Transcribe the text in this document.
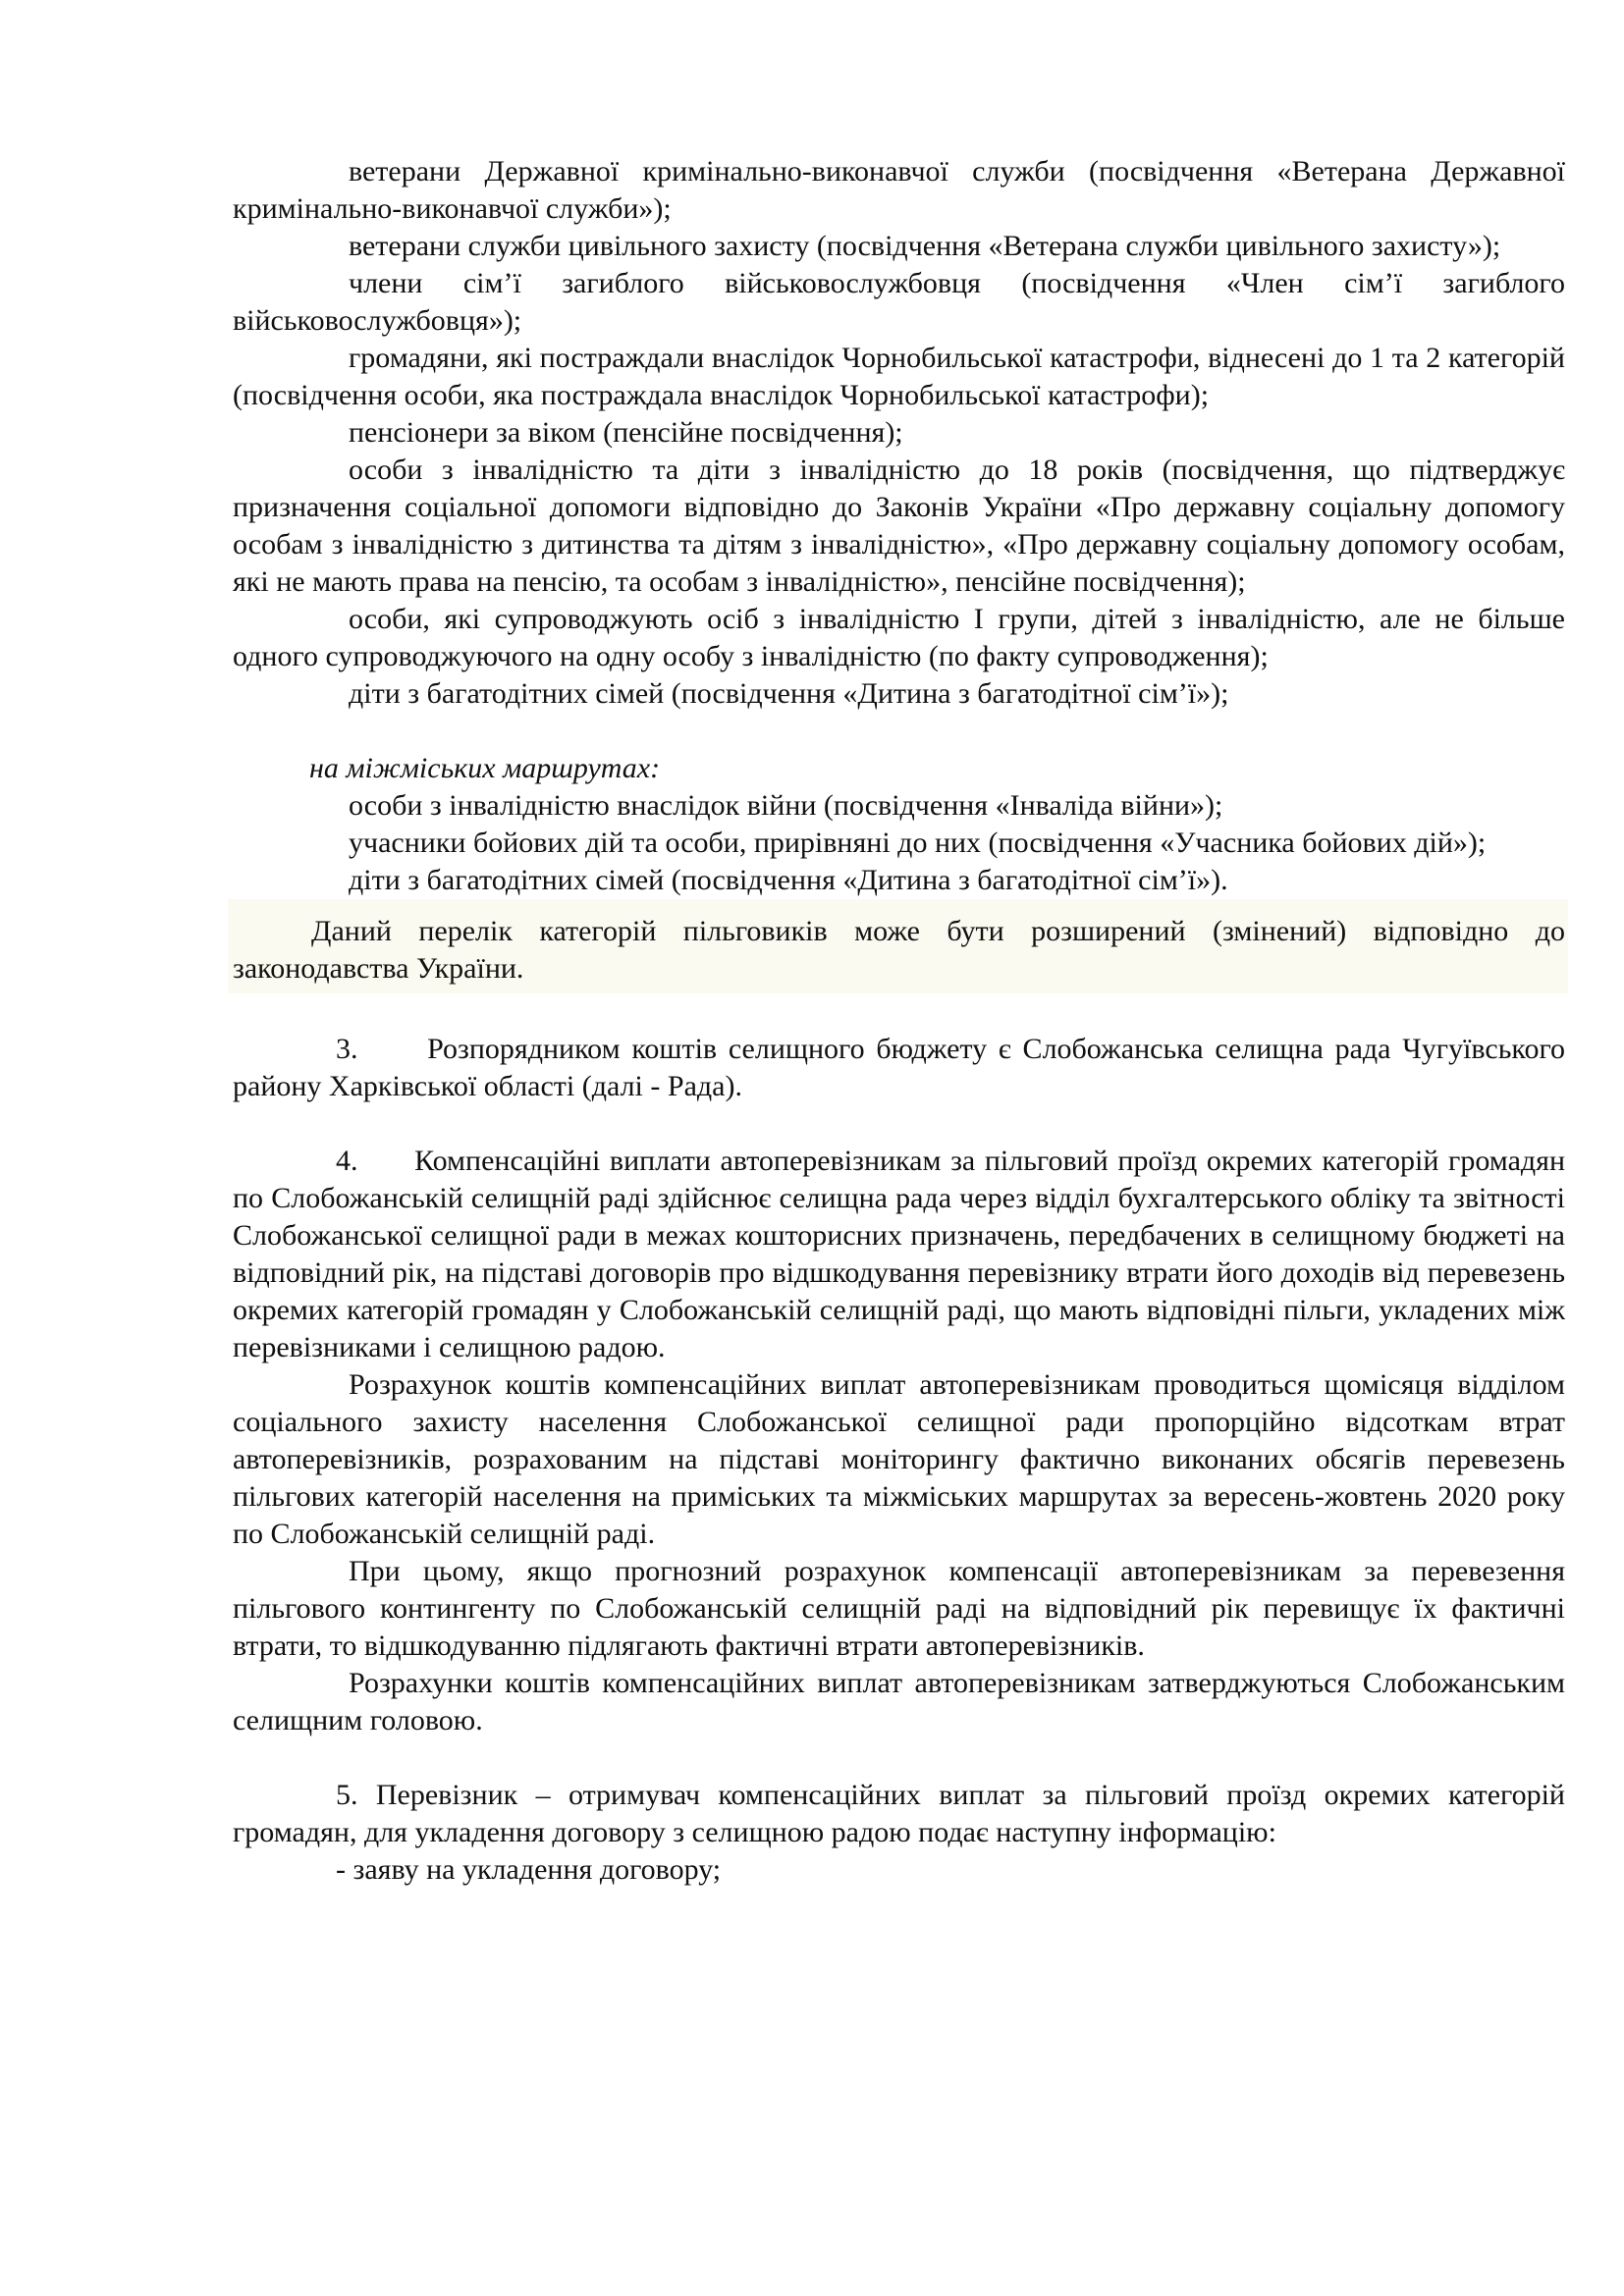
ветерани Державної кримінально-виконавчої служби (посвідчення «Ветерана Державної кримінально-виконавчої служби»);

ветерани служби цивільного захисту (посвідчення «Ветерана служби цивільного захисту»);

члени сім’ї загиблого військовослужбовця (посвідчення «Член сім’ї загиблого військовослужбовця»);

громадяни, які постраждали внаслідок Чорнобильської катастрофи, віднесені до 1 та 2 категорій (посвідчення особи, яка постраждала внаслідок Чорнобильської катастрофи);

пенсіонери за віком (пенсійне посвідчення);

особи з інвалідністю та діти з інвалідністю до 18 років (посвідчення, що підтверджує призначення соціальної допомоги відповідно до Законів України «Про державну соціальну допомогу особам з інвалідністю з дитинства та дітям з інвалідністю», «Про державну соціальну допомогу особам, які не мають права на пенсію, та особам з інвалідністю», пенсійне посвідчення);

особи, які супроводжують осіб з інвалідністю І групи, дітей з інвалідністю, але не більше одного супроводжуючого на одну особу з інвалідністю (по факту супроводження);

діти з багатодітних сімей (посвідчення «Дитина з багатодітної сім’ї»);

на міжміських маршрутах:

особи з інвалідністю внаслідок війни (посвідчення «Інваліда війни»);

учасники бойових дій та особи, прирівняні до них (посвідчення «Учасника бойових дій»);

діти з багатодітних сімей (посвідчення «Дитина з багатодітної сім’ї»).

Даний перелік категорій пільговиків може бути розширений (змінений) відповідно до законодавства України.

3.      Розпорядником коштів селищного бюджету є Слобожанська селищна рада Чугуївського району Харківської області (далі - Рада).

4.      Компенсаційні виплати автоперевізникам за пільговий проїзд окремих категорій громадян по Слобожанській селищній раді здійснює селищна рада через відділ бухгалтерського обліку та звітності Слобожанської селищної ради в межах кошторисних призначень, передбачених в селищному бюджеті на відповідний рік, на підставі договорів про відшкодування перевізнику втрати його доходів від перевезень окремих категорій громадян у Слобожанській селищній раді, що мають відповідні пільги, укладених між перевізниками і селищною радою.

Розрахунок коштів компенсаційних виплат автоперевізникам проводиться щомісяця відділом соціального захисту населення Слобожанської селищної ради пропорційно відсоткам втрат автоперевізників, розрахованим на підставі моніторингу фактично виконаних обсягів перевезень пільгових категорій населення на приміських та міжміських маршрутах за вересень-жовтень 2020 року по Слобожанській селищній раді.

При цьому, якщо прогнозний розрахунок компенсації автоперевізникам за перевезення пільгового контингенту по Слобожанській селищній раді на відповідний рік перевищує їх фактичні втрати, то відшкодуванню підлягають фактичні втрати автоперевізників.

Розрахунки коштів компенсаційних виплат автоперевізникам затверджуються Слобожанським селищним головою.

5. Перевізник – отримувач компенсаційних виплат за пільговий проїзд окремих категорій громадян, для укладення договору з селищною радою подає наступну інформацію:

- заяву на укладення договору;
